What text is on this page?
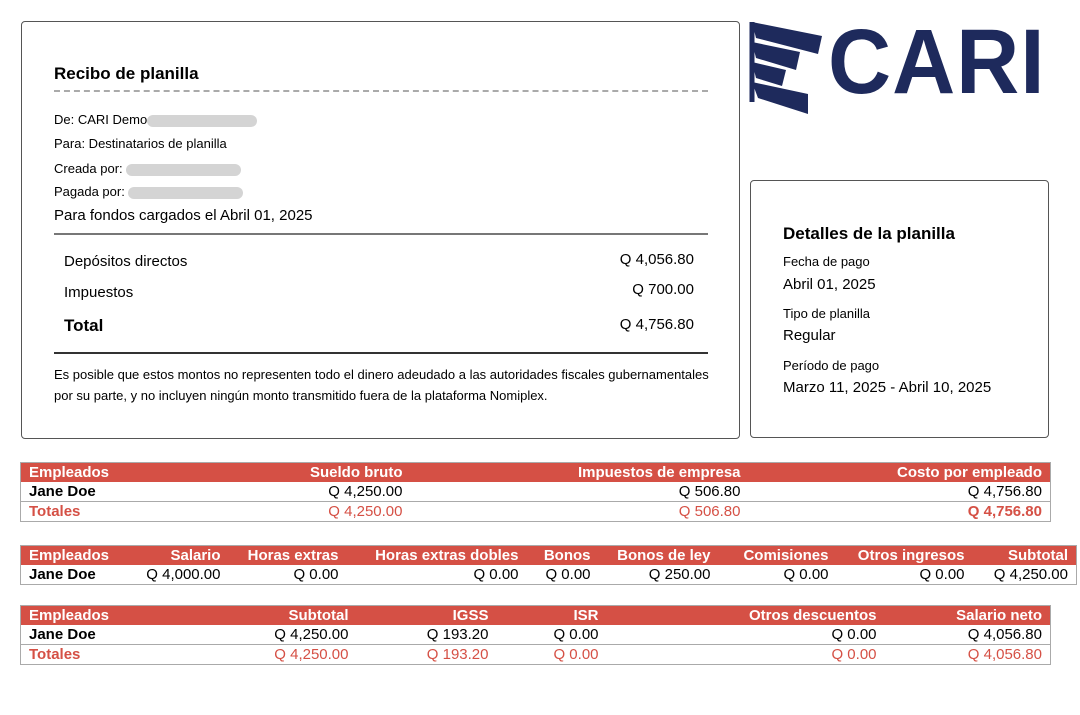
Recibo de planilla
De: CARI Demo
Para: Destinatarios de planilla
Creada por:
Pagada por:
Para fondos cargados el Abril 01, 2025
Depósitos directos	Q 4,056.80
Impuestos	Q 700.00
Total	Q 4,756.80
Es posible que estos montos no representen todo el dinero adeudado a las autoridades fiscales gubernamentales por su parte, y no incluyen ningún monto transmitido fuera de la plataforma Nomiplex.
CARI
Detalles de la planilla
Fecha de pago
Abril 01, 2025
Tipo de planilla
Regular
Período de pago
Marzo 11, 2025 - Abril 10, 2025
Empleados	Sueldo bruto	Impuestos de empresa	Costo por empleado
Jane Doe	Q 4,250.00	Q 506.80	Q 4,756.80
Totales	Q 4,250.00	Q 506.80	Q 4,756.80
Empleados	Salario	Horas extras	Horas extras dobles	Bonos	Bonos de ley	Comisiones	Otros ingresos	Subtotal
Jane Doe	Q 4,000.00	Q 0.00	Q 0.00	Q 0.00	Q 250.00	Q 0.00	Q 0.00	Q 4,250.00
Empleados	Subtotal	IGSS	ISR	Otros descuentos	Salario neto
Jane Doe	Q 4,250.00	Q 193.20	Q 0.00	Q 0.00	Q 4,056.80
Totales	Q 4,250.00	Q 193.20	Q 0.00	Q 0.00	Q 4,056.80
